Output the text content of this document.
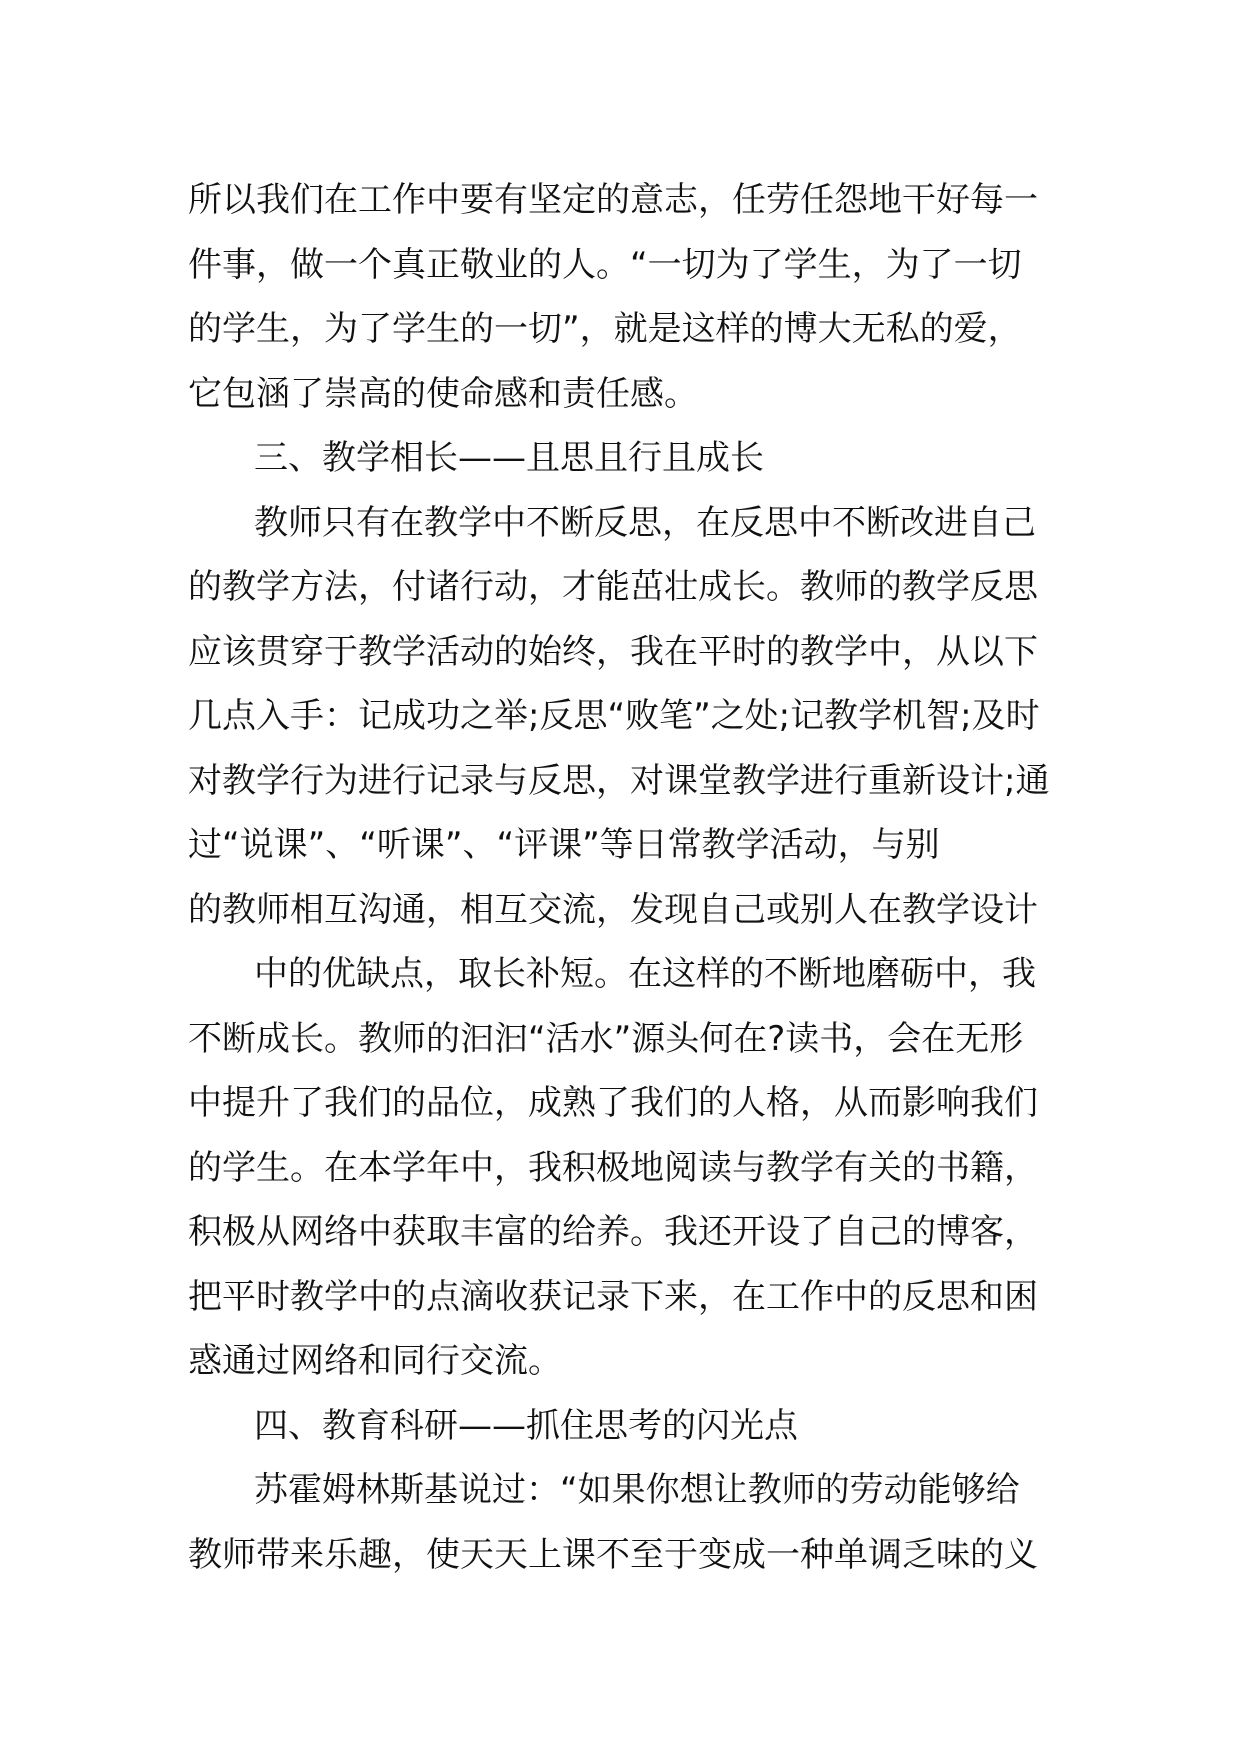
所以我们在工作中要有坚定的意志，任劳任怨地干好每一
件事，做一个真正敬业的人。“一切为了学生，为了一切
的学生，为了学生的一切”，就是这样的博大无私的爱，
它包涵了崇高的使命感和责任感。
三、教学相长——且思且行且成长
教师只有在教学中不断反思，在反思中不断改进自己
的教学方法，付诸行动，才能茁壮成长。教师的教学反思
应该贯穿于教学活动的始终，我在平时的教学中，从以下
几点入手：记成功之举;反思“败笔”之处;记教学机智;及时
对教学行为进行记录与反思，对课堂教学进行重新设计;通
过“说课”、“听课”、“评课”等日常教学活动，与别
的教师相互沟通，相互交流，发现自己或别人在教学设计
中的优缺点，取长补短。在这样的不断地磨砺中，我
不断成长。教师的汩汩“活水”源头何在?读书，会在无形
中提升了我们的品位，成熟了我们的人格，从而影响我们
的学生。在本学年中，我积极地阅读与教学有关的书籍，
积极从网络中获取丰富的给养。我还开设了自己的博客，
把平时教学中的点滴收获记录下来，在工作中的反思和困
惑通过网络和同行交流。
四、教育科研——抓住思考的闪光点
苏霍姆林斯基说过：“如果你想让教师的劳动能够给
教师带来乐趣，使天天上课不至于变成一种单调乏味的义
